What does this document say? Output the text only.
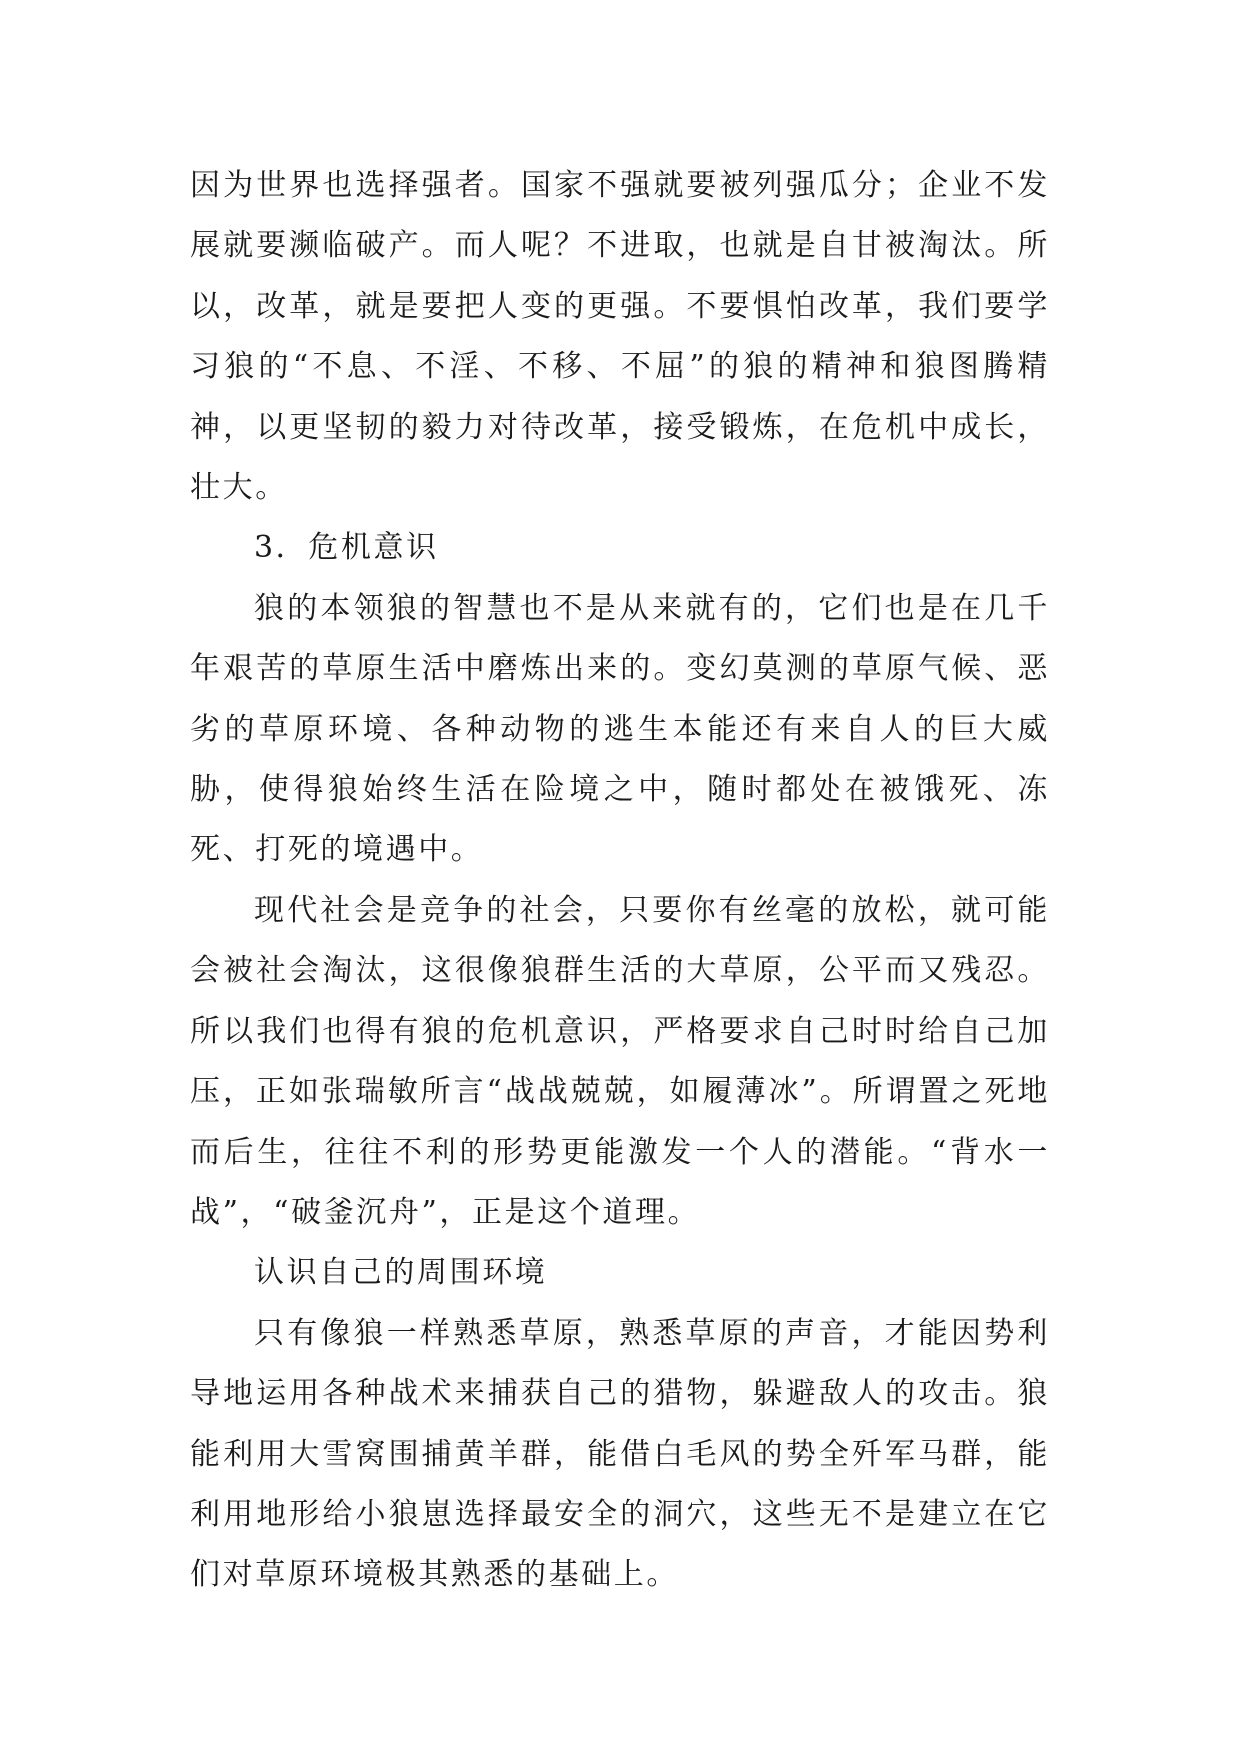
因为世界也选择强者。国家不强就要被列强瓜分；企业不发展就要濒临破产。而人呢？不进取，也就是自甘被淘汰。所以，改革，就是要把人变的更强。不要惧怕改革，我们要学习狼的“不息、不淫、不移、不屈”的狼的精神和狼图腾精神，以更坚韧的毅力对待改革，接受锻炼，在危机中成长，壮大。

3．危机意识

狼的本领狼的智慧也不是从来就有的，它们也是在几千年艰苦的草原生活中磨炼出来的。变幻莫测的草原气候、恶劣的草原环境、各种动物的逃生本能还有来自人的巨大威胁，使得狼始终生活在险境之中，随时都处在被饿死、冻死、打死的境遇中。

现代社会是竞争的社会，只要你有丝毫的放松，就可能会被社会淘汰，这很像狼群生活的大草原，公平而又残忍。所以我们也得有狼的危机意识，严格要求自己时时给自己加压，正如张瑞敏所言“战战兢兢，如履薄冰”。所谓置之死地而后生，往往不利的形势更能激发一个人的潜能。“背水一战”，“破釜沉舟”，正是这个道理。

认识自己的周围环境

只有像狼一样熟悉草原，熟悉草原的声音，才能因势利导地运用各种战术来捕获自己的猎物，躲避敌人的攻击。狼能利用大雪窝围捕黄羊群，能借白毛风的势全歼军马群，能利用地形给小狼崽选择最安全的洞穴，这些无不是建立在它们对草原环境极其熟悉的基础上。
